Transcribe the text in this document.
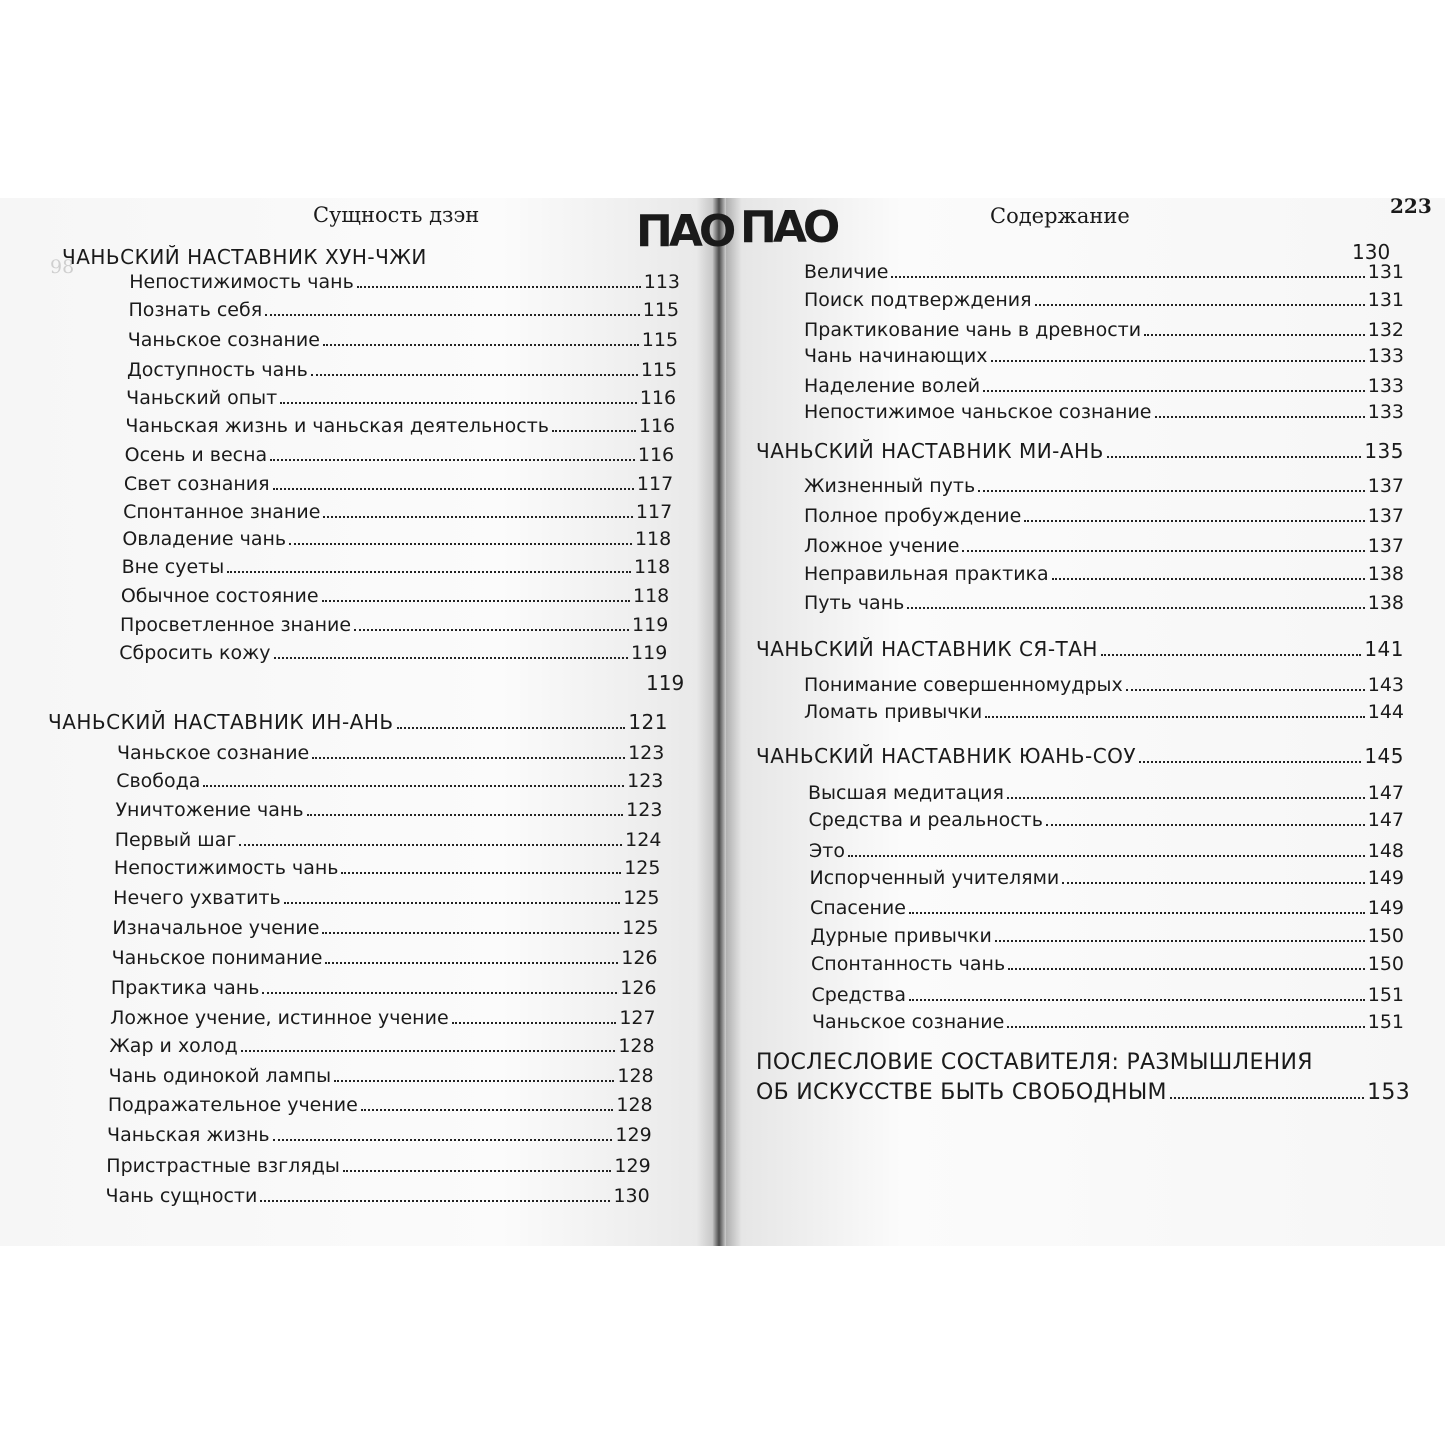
98
Сущность дзэн	ПАО ПАО	Содержание	223
ЧАНЬСКИЙ НАСТАВНИК ХУН-ЧЖИ
Непостижимость чань	113
Познать себя	115
Чаньское сознание	115
Доступность чань	115
Чаньский опыт	116
Чаньская жизнь и чаньская деятельность	116
Осень и весна	116
Свет сознания	117
Спонтанное знание	117
Овладение чань	118
Вне суеты	118
Обычное состояние	118
Просветленное знание	119
Сбросить кожу	119
119
ЧАНЬСКИЙ НАСТАВНИК ИН-АНЬ	121
Чаньское сознание	123
Свобода	123
Уничтожение чань	123
Первый шаг	124
Непостижимость чань	125
Нечего ухватить	125
Изначальное учение	125
Чаньское понимание	126
Практика чань	126
Ложное учение, истинное учение	127
Жар и холод	128
Чань одинокой лампы	128
Подражательное учение	128
Чаньская жизнь	129
Пристрастные взгляды	129
Чань сущности	130
130
Величие	131
Поиск подтверждения	131
Практикование чань в древности	132
Чань начинающих	133
Наделение волей	133
Непостижимое чаньское сознание	133
ЧАНЬСКИЙ НАСТАВНИК МИ-АНЬ	135
Жизненный путь	137
Полное пробуждение	137
Ложное учение	137
Неправильная практика	138
Путь чань	138
ЧАНЬСКИЙ НАСТАВНИК СЯ-ТАН	141
Понимание совершенномудрых	143
Ломать привычки	144
ЧАНЬСКИЙ НАСТАВНИК ЮАНЬ-СОУ	145
Высшая медитация	147
Средства и реальность	147
Это	148
Испорченный учителями	149
Спасение	149
Дурные привычки	150
Спонтанность чань	150
Средства	151
Чаньское сознание	151
ПОСЛЕСЛОВИЕ СОСТАВИТЕЛЯ: РАЗМЫШЛЕНИЯ
ОБ ИСКУССТВЕ БЫТЬ СВОБОДНЫМ	153
